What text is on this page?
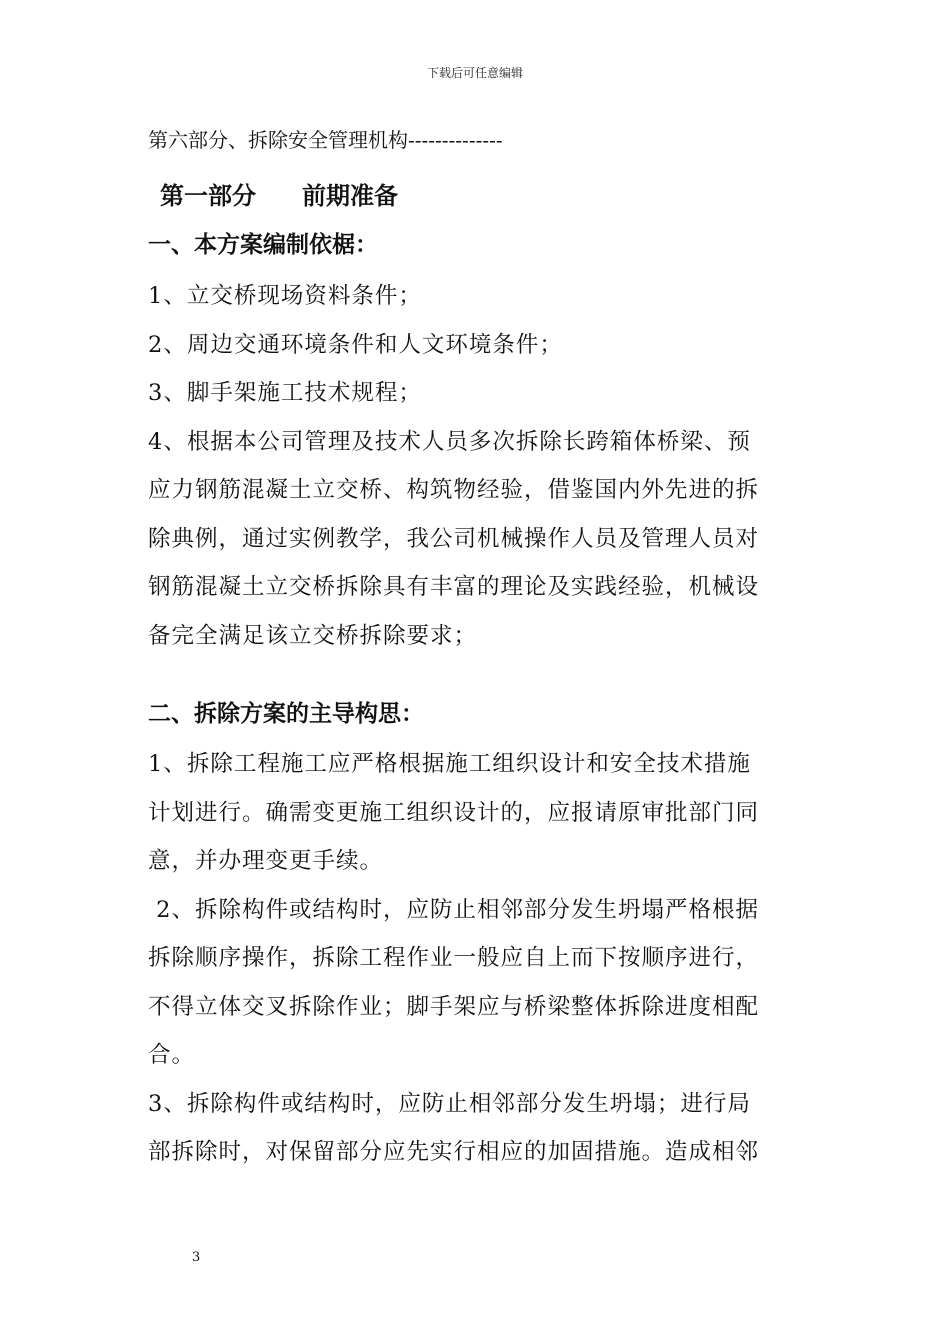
下载后可任意编辑
第六部分、拆除安全管理机构--------------
第一部分 前期准备
一、本方案编制依椐：
1、立交桥现场资料条件；
2、周边交通环境条件和人文环境条件；
3、脚手架施工技术规程；
4、根据本公司管理及技术人员多次拆除长跨箱体桥梁、预
应力钢筋混凝土立交桥、构筑物经验，借鉴国内外先进的拆
除典例，通过实例教学，我公司机械操作人员及管理人员对
钢筋混凝土立交桥拆除具有丰富的理论及实践经验，机械设
备完全满足该立交桥拆除要求；
二、拆除方案的主导构思：
1、拆除工程施工应严格根据施工组织设计和安全技术措施
计划进行。确需变更施工组织设计的，应报请原审批部门同
意，并办理变更手续。
2、拆除构件或结构时，应防止相邻部分发生坍塌严格根据
拆除顺序操作，拆除工程作业一般应自上而下按顺序进行，
不得立体交叉拆除作业；脚手架应与桥梁整体拆除进度相配
合。
3、拆除构件或结构时，应防止相邻部分发生坍塌；进行局
部拆除时，对保留部分应先实行相应的加固措施。造成相邻
3
